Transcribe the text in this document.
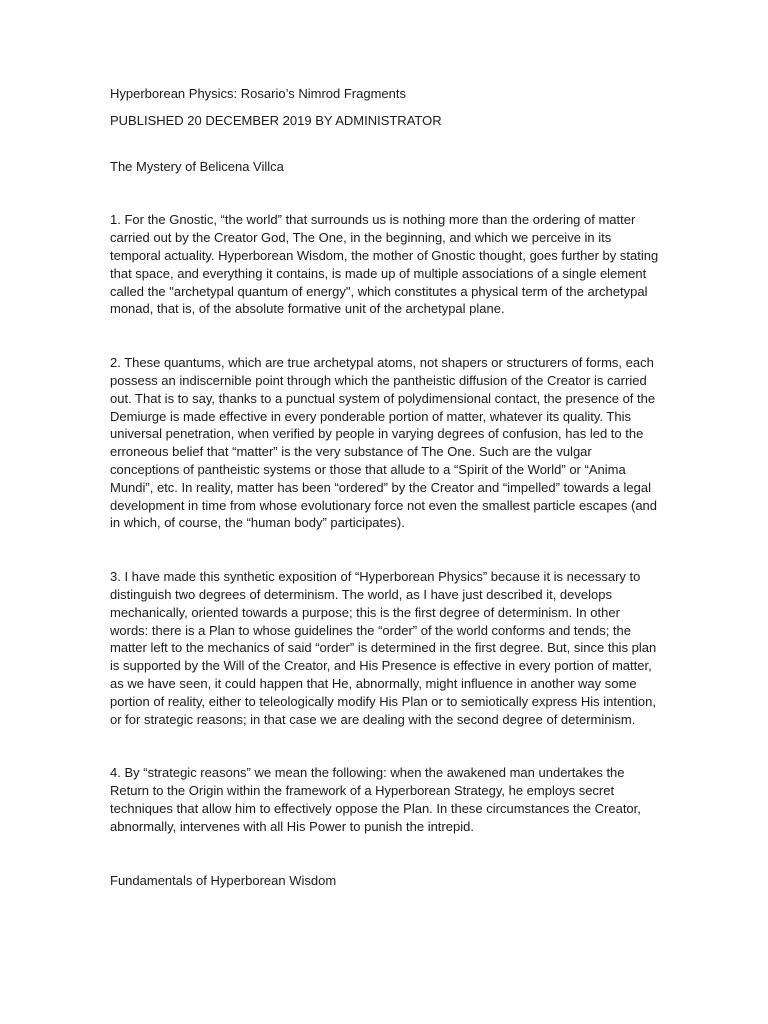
Hyperborean Physics: Rosario’s Nimrod Fragments

PUBLISHED 20 DECEMBER 2019 BY ADMINISTRATOR

The Mystery of Belicena Villca

1. For the Gnostic, “the world” that surrounds us is nothing more than the ordering of matter carried out by the Creator God, The One, in the beginning, and which we perceive in its temporal actuality. Hyperborean Wisdom, the mother of Gnostic thought, goes further by stating that space, and everything it contains, is made up of multiple associations of a single element called the "archetypal quantum of energy", which constitutes a physical term of the archetypal monad, that is, of the absolute formative unit of the archetypal plane.

2. These quantums, which are true archetypal atoms, not shapers or structurers of forms, each possess an indiscernible point through which the pantheistic diffusion of the Creator is carried out. That is to say, thanks to a punctual system of polydimensional contact, the presence of the Demiurge is made effective in every ponderable portion of matter, whatever its quality. This universal penetration, when verified by people in varying degrees of confusion, has led to the erroneous belief that “matter” is the very substance of The One. Such are the vulgar conceptions of pantheistic systems or those that allude to a “Spirit of the World” or “Anima Mundi”, etc. In reality, matter has been “ordered” by the Creator and “impelled” towards a legal development in time from whose evolutionary force not even the smallest particle escapes (and in which, of course, the “human body” participates).

3. I have made this synthetic exposition of “Hyperborean Physics” because it is necessary to distinguish two degrees of determinism. The world, as I have just described it, develops mechanically, oriented towards a purpose; this is the first degree of determinism. In other words: there is a Plan to whose guidelines the “order” of the world conforms and tends; the matter left to the mechanics of said “order” is determined in the first degree. But, since this plan is supported by the Will of the Creator, and His Presence is effective in every portion of matter, as we have seen, it could happen that He, abnormally, might influence in another way some portion of reality, either to teleologically modify His Plan or to semiotically express His intention, or for strategic reasons; in that case we are dealing with the second degree of determinism.

4. By “strategic reasons” we mean the following: when the awakened man undertakes the Return to the Origin within the framework of a Hyperborean Strategy, he employs secret techniques that allow him to effectively oppose the Plan. In these circumstances the Creator, abnormally, intervenes with all His Power to punish the intrepid.

Fundamentals of Hyperborean Wisdom
